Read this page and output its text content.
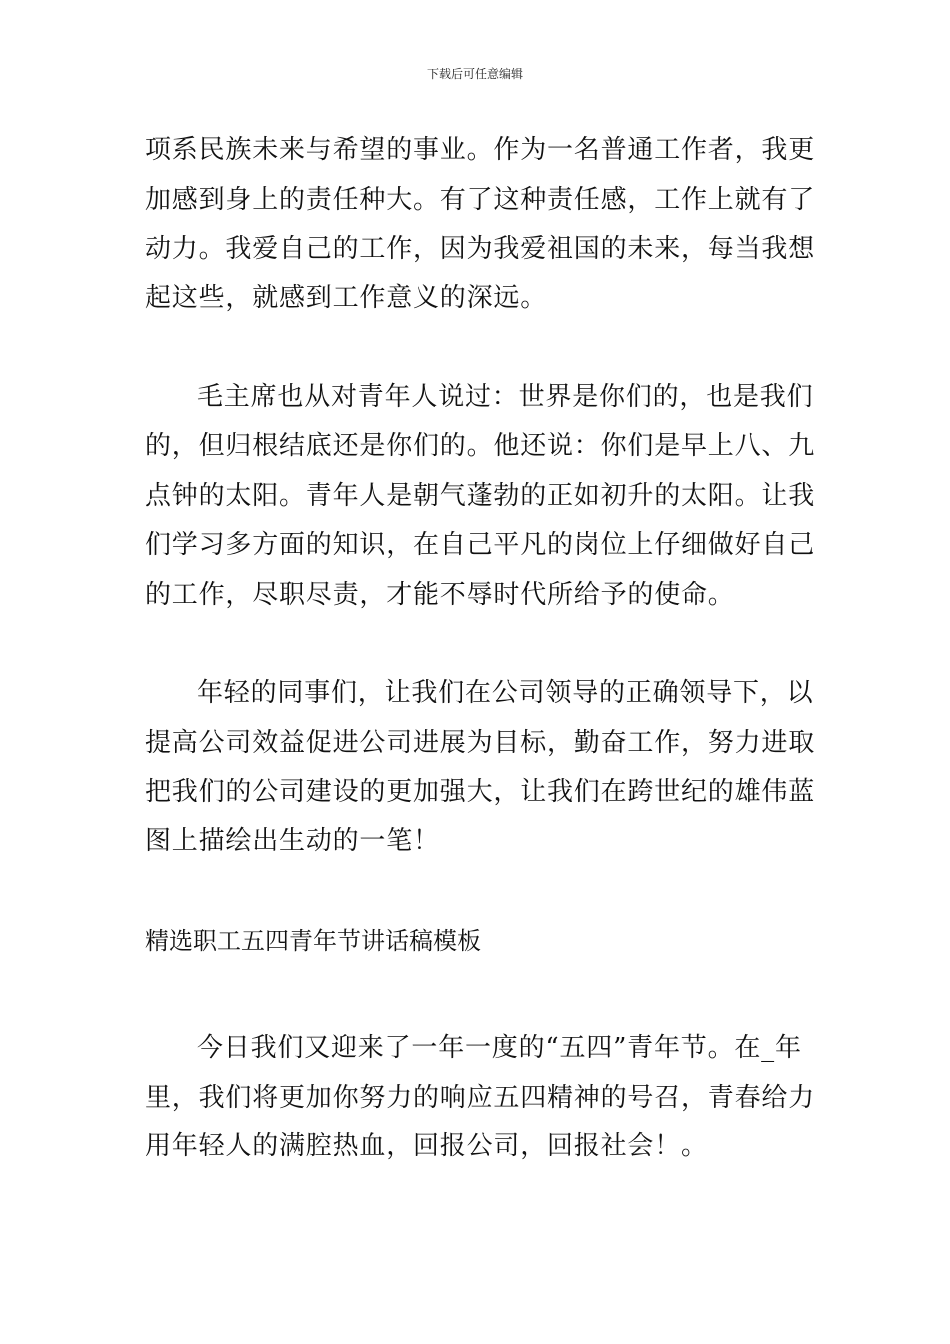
下载后可任意编辑
项系民族未来与希望的事业。作为一名普通工作者，我更
加感到身上的责任种大。有了这种责任感，工作上就有了
动力。我爱自己的工作，因为我爱祖国的未来，每当我想
起这些，就感到工作意义的深远。
毛主席也从对青年人说过：世界是你们的，也是我们
的，但归根结底还是你们的。他还说：你们是早上八、九
点钟的太阳。青年人是朝气蓬勃的正如初升的太阳。让我
们学习多方面的知识，在自己平凡的岗位上仔细做好自己
的工作，尽职尽责，才能不辱时代所给予的使命。
年轻的同事们，让我们在公司领导的正确领导下，以
提高公司效益促进公司进展为目标，勤奋工作，努力进取
把我们的公司建设的更加强大，让我们在跨世纪的雄伟蓝
图上描绘出生动的一笔！
精选职工五四青年节讲话稿模板
今日我们又迎来了一年一度的“五四”青年节。在_年
里，我们将更加你努力的响应五四精神的号召，青春给力
用年轻人的满腔热血，回报公司，回报社会！。
